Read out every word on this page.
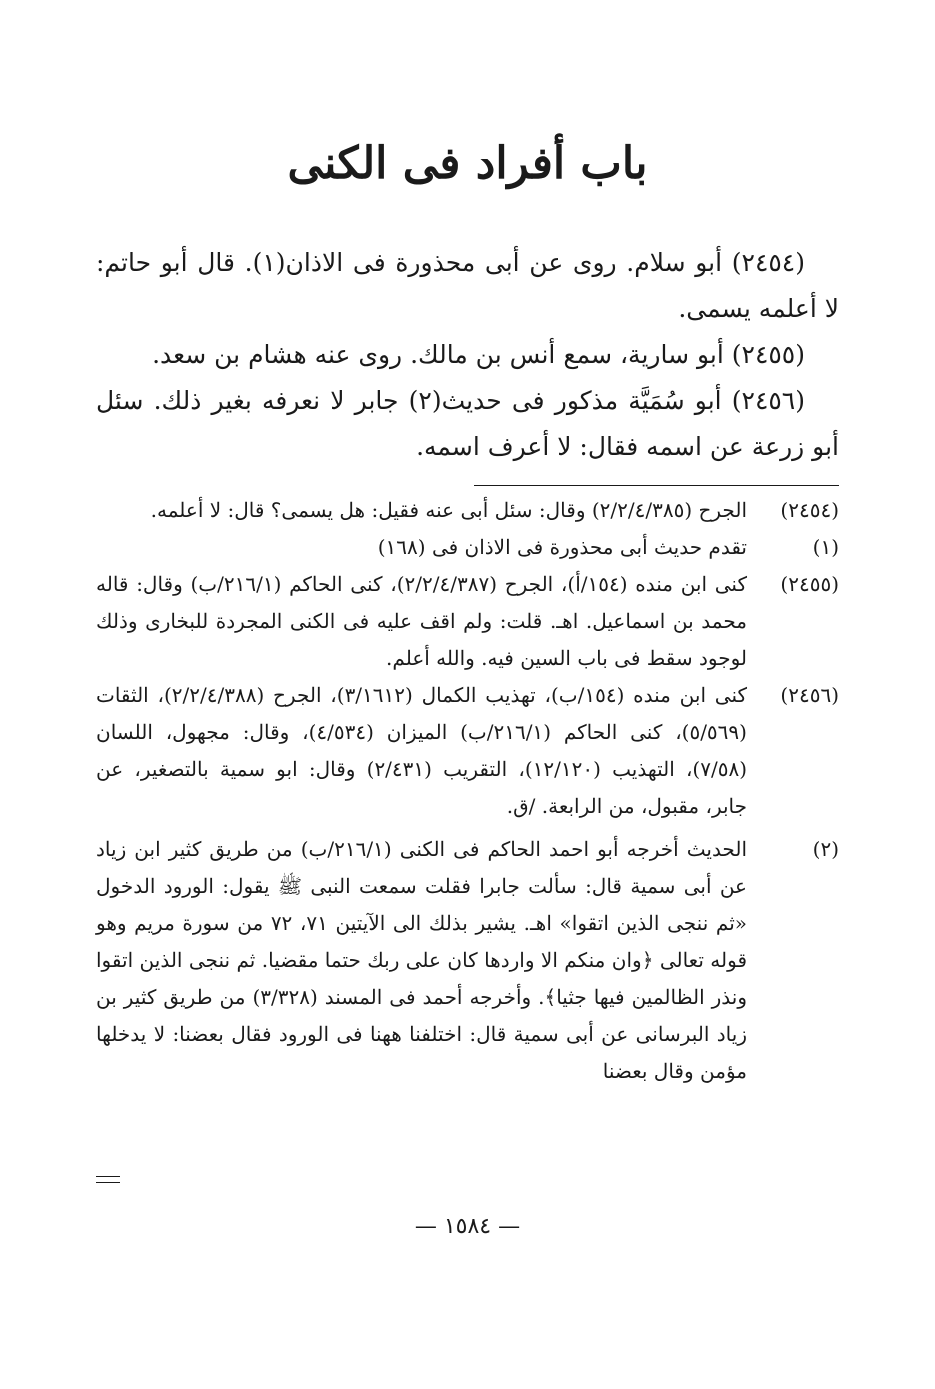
باب أفراد فى الكنى

(٢٤٥٤) أبو سلام. روى عن أبى محذورة فى الاذان(١). قال أبو حاتم: لا أعلمه يسمى.

(٢٤٥٥) أبو سارية، سمع أنس بن مالك. روى عنه هشام بن سعد.

(٢٤٥٦) أبو سُمَيَّة مذكور فى حديث(٢) جابر لا نعرفه بغير ذلك. سئل أبو زرعة عن اسمه فقال: لا أعرف اسمه.

(٢٤٥٤)
الجرح (٢/٢/٤/٣٨٥) وقال: سئل أبى عنه فقيل: هل يسمى؟ قال: لا أعلمه.
(١)
تقدم حديث أبى محذورة فى الاذان فى (١٦٨)
(٢٤٥٥)
كنى ابن منده (١٥٤/أ)، الجرح (٢/٢/٤/٣٨٧)، كنى الحاكم (٢١٦/١/ب) وقال: قاله محمد بن اسماعيل. اهـ. قلت: ولم اقف عليه فى الكنى المجردة للبخارى وذلك لوجود سقط فى باب السين فيه. والله أعلم.
(٢٤٥٦)
كنى ابن منده (١٥٤/ب)، تهذيب الكمال (٣/١٦١٢)، الجرح (٢/٢/٤/٣٨٨)، الثقات (٥/٥٦٩)، كنى الحاكم (٢١٦/١/ب) الميزان (٤/٥٣٤)، وقال: مجهول، اللسان (٧/٥٨)، التهذيب (١٢/١٢٠)، التقريب (٢/٤٣١) وقال: ابو سمية بالتصغير، عن جابر، مقبول، من الرابعة. /ق.
(٢)
الحديث أخرجه أبو احمد الحاكم فى الكنى (٢١٦/١/ب) من طريق كثير ابن زياد عن أبى سمية قال: سألت جابرا فقلت سمعت النبى ﷺ يقول: الورود الدخول «ثم ننجى الذين اتقوا» اهـ. يشير بذلك الى الآيتين ٧١، ٧٢ من سورة مريم وهو قوله تعالى ﴿وان منكم الا واردها كان على ربك حتما مقضيا. ثم ننجى الذين اتقوا ونذر الظالمين فيها جثيا﴾. وأخرجه أحمد فى المسند (٣/٣٢٨) من طريق كثير بن زياد البرسانى عن أبى سمية قال: اختلفنا ههنا فى الورود فقال بعضنا: لا يدخلها مؤمن وقال بعضنا
— ١٥٨٤ —
